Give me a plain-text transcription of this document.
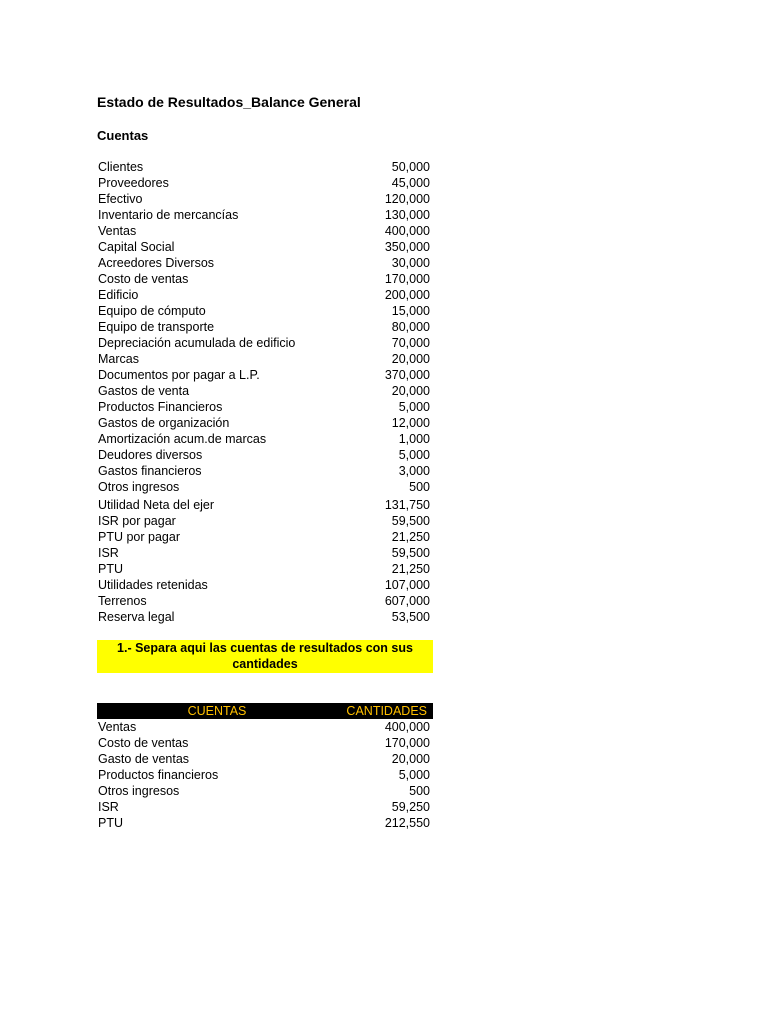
Estado de Resultados_Balance General
Cuentas
Clientes	50,000
Proveedores	45,000
Efectivo	120,000
Inventario de mercancías	130,000
Ventas	400,000
Capital Social	350,000
Acreedores Diversos	30,000
Costo de ventas	170,000
Edificio	200,000
Equipo de cómputo	15,000
Equipo de transporte	80,000
Depreciación acumulada de edificio	70,000
Marcas	20,000
Documentos por pagar a L.P.	370,000
Gastos de venta	20,000
Productos Financieros	5,000
Gastos de organización	12,000
Amortización acum.de marcas	1,000
Deudores diversos	5,000
Gastos financieros	3,000
Otros ingresos	500
Utilidad Neta del ejer	131,750
ISR por pagar	59,500
PTU por pagar	21,250
ISR	59,500
PTU	21,250
Utilidades retenidas	107,000
Terrenos	607,000
Reserva legal	53,500
1.- Separa aqui las cuentas de resultados con sus
cantidades
CUENTAS	CANTIDADES
Ventas	400,000
Costo de ventas	170,000
Gasto de ventas	20,000
Productos financieros	5,000
Otros ingresos	500
ISR	59,250
PTU	212,550
